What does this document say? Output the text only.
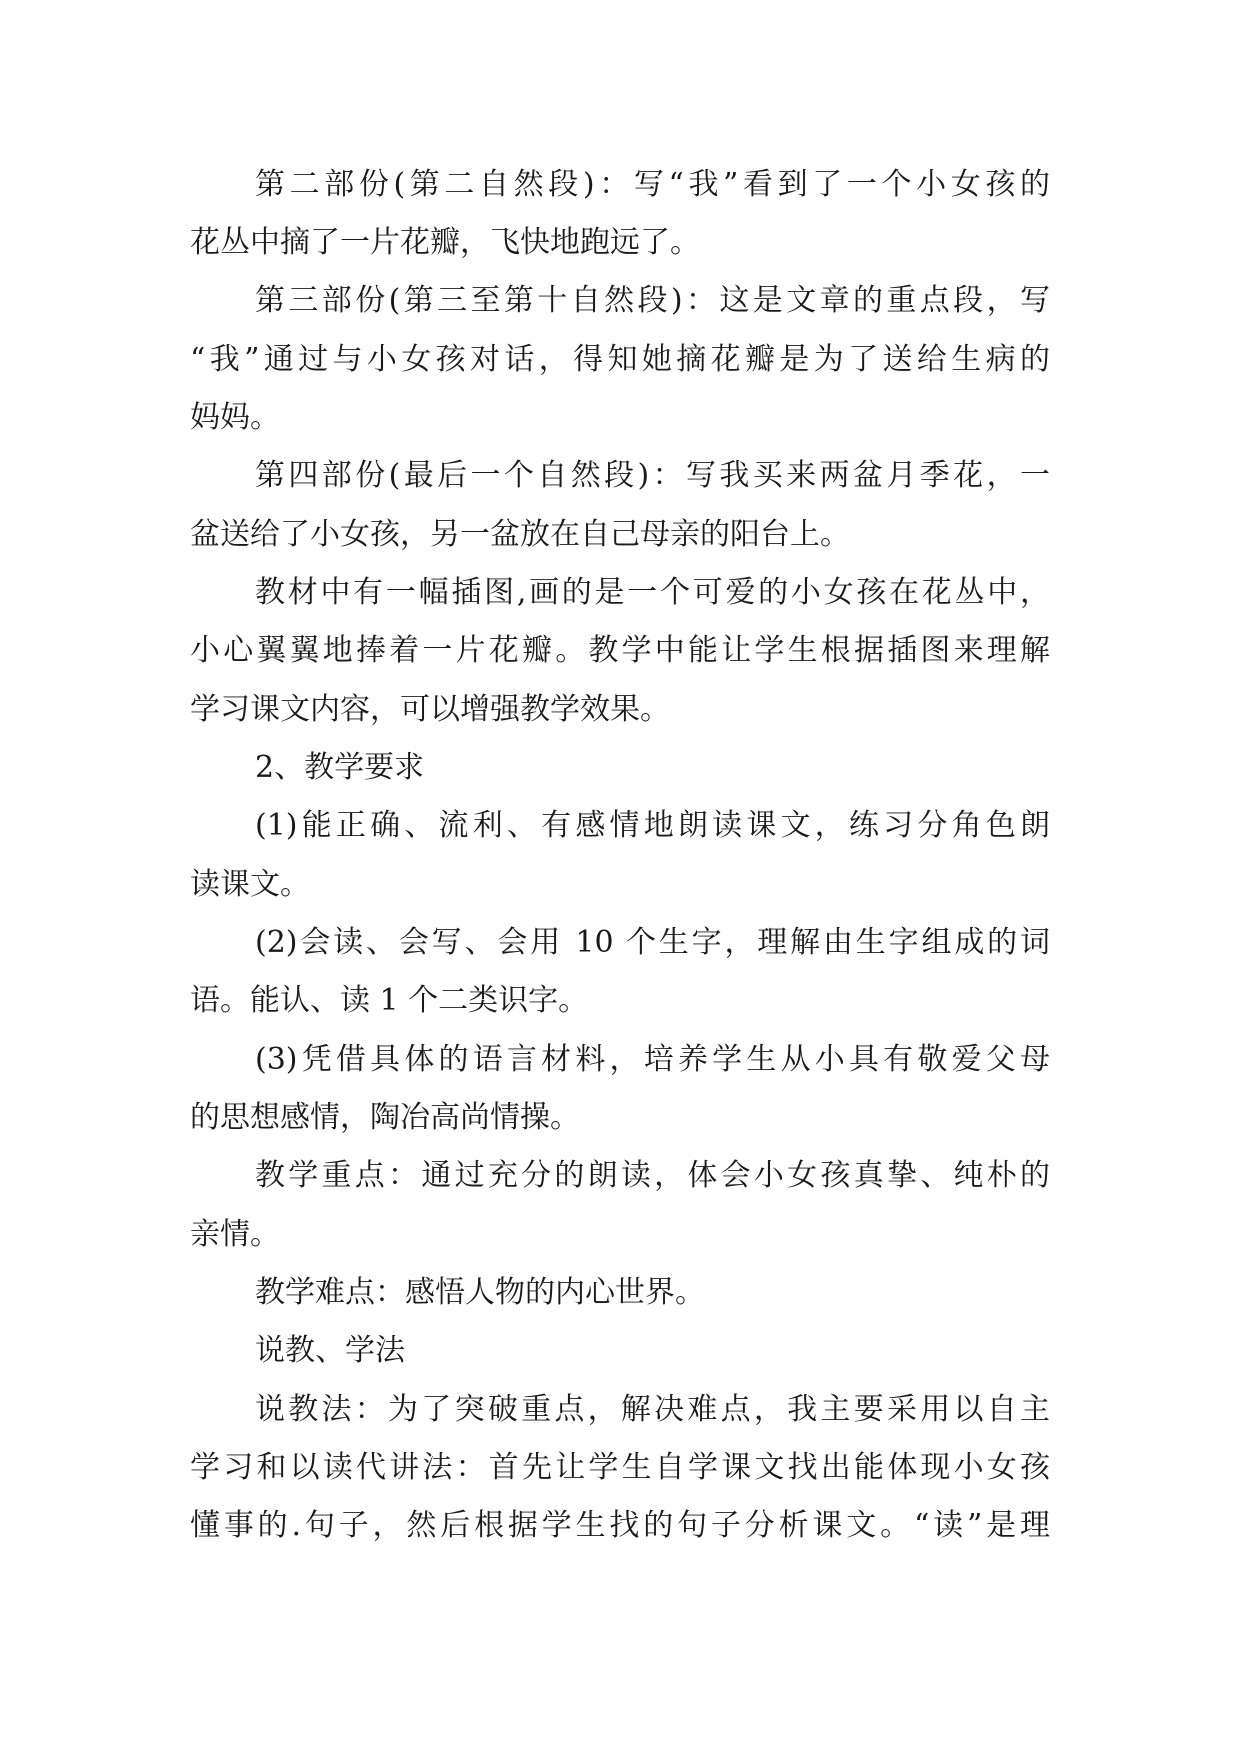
第二部份(第二自然段)：写“我”看到了一个小女孩的
花丛中摘了一片花瓣，飞快地跑远了。
第三部份(第三至第十自然段)：这是文章的重点段，写
“我”通过与小女孩对话，得知她摘花瓣是为了送给生病的
妈妈。
第四部份(最后一个自然段)：写我买来两盆月季花，一
盆送给了小女孩，另一盆放在自己母亲的阳台上。
教材中有一幅插图,画的是一个可爱的小女孩在花丛中，
小心翼翼地捧着一片花瓣。教学中能让学生根据插图来理解
学习课文内容，可以增强教学效果。
2、教学要求
(1)能正确、流利、有感情地朗读课文，练习分角色朗
读课文。
(2)会读、会写、会用 10 个生字，理解由生字组成的词
语。能认、读 1 个二类识字。
(3)凭借具体的语言材料，培养学生从小具有敬爱父母
的思想感情，陶冶高尚情操。
教学重点：通过充分的朗读，体会小女孩真挚、纯朴的
亲情。
教学难点：感悟人物的内心世界。
说教、学法
说教法：为了突破重点，解决难点，我主要采用以自主
学习和以读代讲法：首先让学生自学课文找出能体现小女孩
懂事的.句子，然后根据学生找的句子分析课文。“读”是理
